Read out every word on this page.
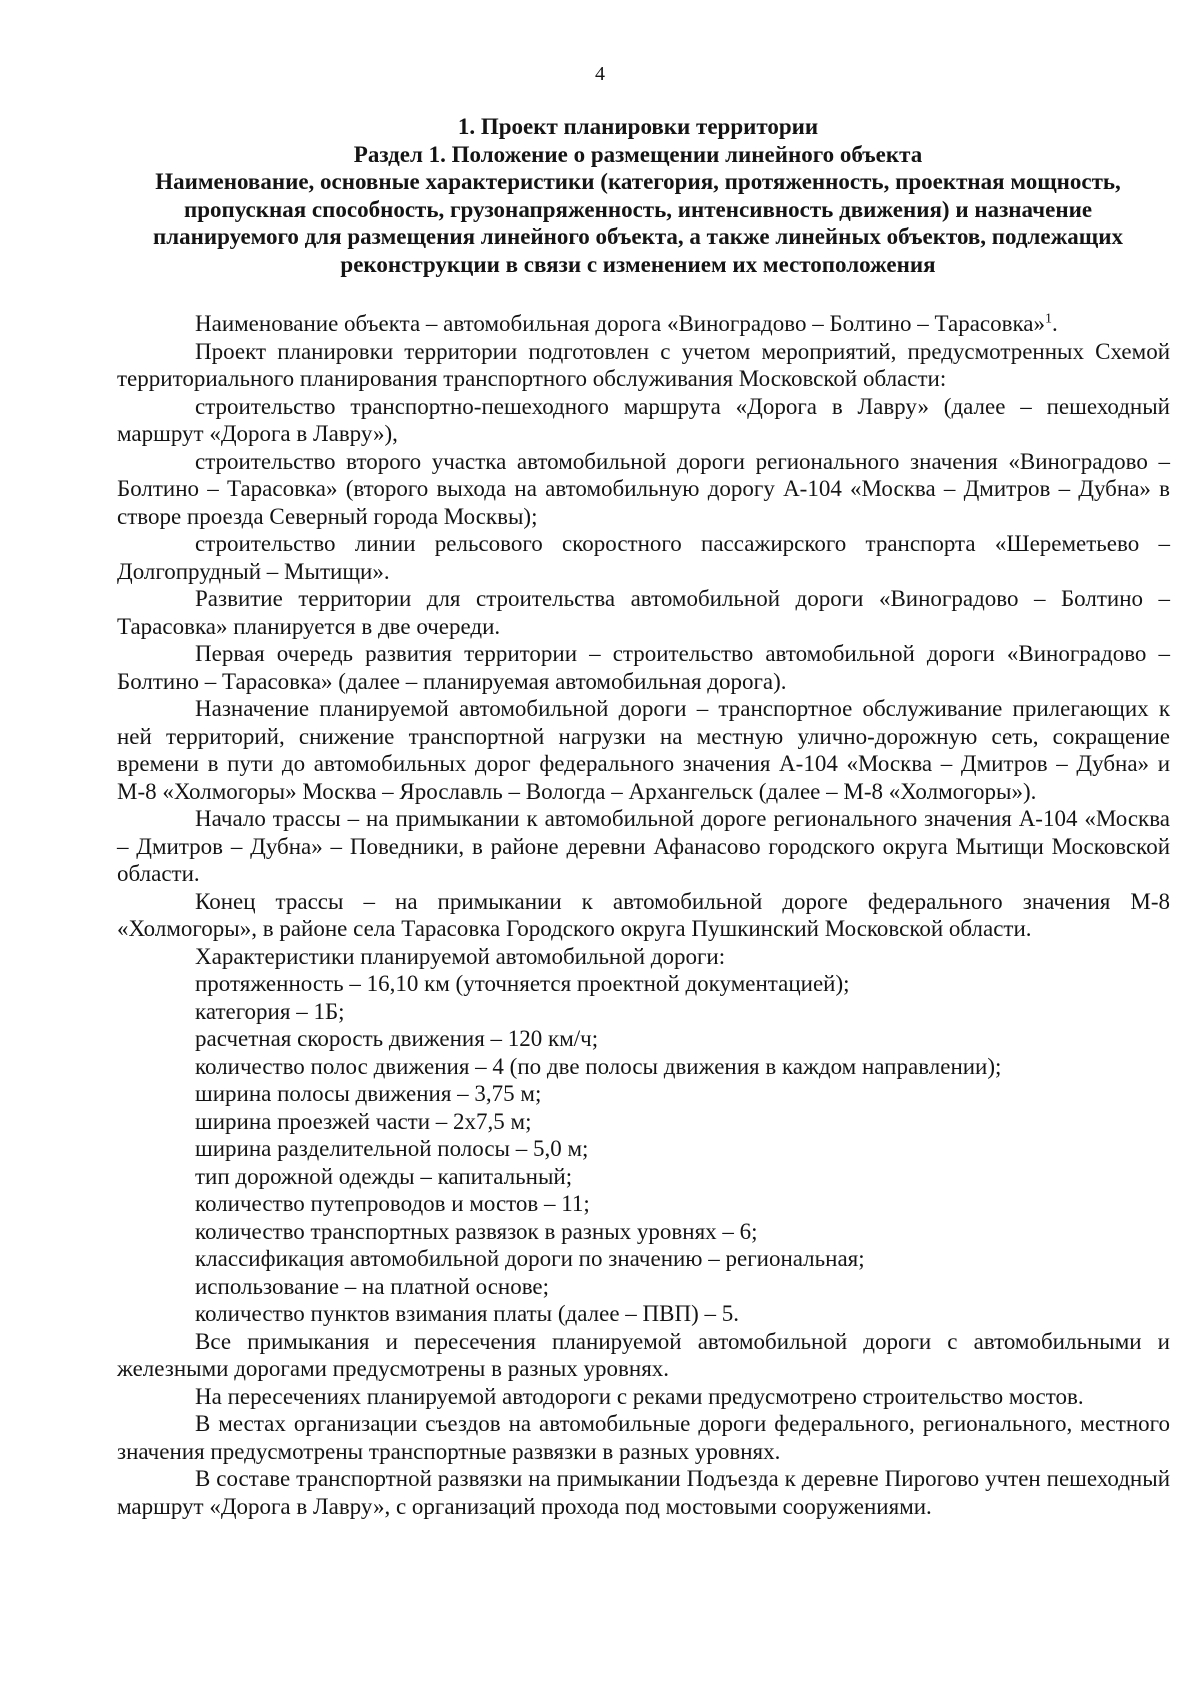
4
1. Проект планировки территории
Раздел 1. Положение о размещении линейного объекта
Наименование, основные характеристики (категория, протяженность, проектная мощность,
пропускная способность, грузонапряженность, интенсивность движения) и назначение
планируемого для размещения линейного объекта, а также линейных объектов, подлежащих
реконструкции в связи с изменением их местоположения

Наименование объекта – автомобильная дорога «Виноградово – Болтино – Тарасовка»$^1$.

Проект планировки территории подготовлен с учетом мероприятий, предусмотренных Схемой территориального планирования транспортного обслуживания Московской области:

строительство транспортно-пешеходного маршрута «Дорога в Лавру» (далее – пешеходный маршрут «Дорога в Лавру»),

строительство второго участка автомобильной дороги регионального значения «Виноградово – Болтино – Тарасовка» (второго выхода на автомобильную дорогу А-104 «Москва – Дмитров – Дубна» в створе проезда Северный города Москвы);

строительство линии рельсового скоростного пассажирского транспорта «Шереметьево – Долгопрудный – Мытищи».

Развитие территории для строительства автомобильной дороги «Виноградово – Болтино – Тарасовка» планируется в две очереди.

Первая очередь развития территории – строительство автомобильной дороги «Виноградово – Болтино – Тарасовка» (далее – планируемая автомобильная дорога).

Назначение планируемой автомобильной дороги – транспортное обслуживание прилегающих к ней территорий, снижение транспортной нагрузки на местную улично-дорожную сеть, сокращение времени в пути до автомобильных дорог федерального значения А-104 «Москва – Дмитров – Дубна» и М-8 «Холмогоры» Москва – Ярославль – Вологда – Архангельск (далее – М-8 «Холмогоры»).

Начало трассы – на примыкании к автомобильной дороге регионального значения А-104 «Москва – Дмитров – Дубна» – Поведники, в районе деревни Афанасово городского округа Мытищи Московской области.

Конец трассы – на примыкании к автомобильной дороге федерального значения М-8 «Холмогоры», в районе села Тарасовка Городского округа Пушкинский Московской области.

Характеристики планируемой автомобильной дороги:

протяженность – 16,10 км (уточняется проектной документацией);

категория – 1Б;

расчетная скорость движения – 120 км/ч;

количество полос движения – 4 (по две полосы движения в каждом направлении);

ширина полосы движения – 3,75 м;

ширина проезжей части – 2х7,5 м;

ширина разделительной полосы – 5,0 м;

тип дорожной одежды – капитальный;

количество путепроводов и мостов – 11;

количество транспортных развязок в разных уровнях – 6;

классификация автомобильной дороги по значению – региональная;

использование – на платной основе;

количество пунктов взимания платы (далее – ПВП) – 5.

Все примыкания и пересечения планируемой автомобильной дороги с автомобильными и железными дорогами предусмотрены в разных уровнях.

На пересечениях планируемой автодороги с реками предусмотрено строительство мостов.

В местах организации съездов на автомобильные дороги федерального, регионального, местного значения предусмотрены транспортные развязки в разных уровнях.

В составе транспортной развязки на примыкании Подъезда к деревне Пирогово учтен пешеходный маршрут «Дорога в Лавру», с организаций прохода под мостовыми сооружениями.
